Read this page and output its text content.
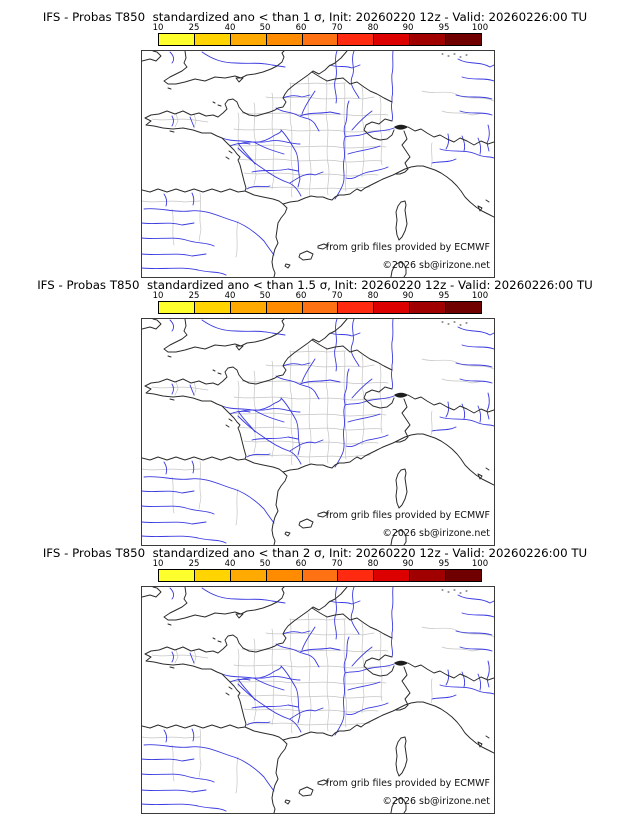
IFS - Probas T850  standardized ano < than 1 σ, Init: 20260220 12z - Valid: 20260226:00 TU
10	25	40	50	60	70	80	90	95	100
from grib files provided by ECMWF
©2026 sb@irizone.net
IFS - Probas T850  standardized ano < than 1.5 σ, Init: 20260220 12z - Valid: 20260226:00 TU
10	25	40	50	60	70	80	90	95	100
from grib files provided by ECMWF
©2026 sb@irizone.net
IFS - Probas T850  standardized ano < than 2 σ, Init: 20260220 12z - Valid: 20260226:00 TU
10	25	40	50	60	70	80	90	95	100
from grib files provided by ECMWF
©2026 sb@irizone.net
